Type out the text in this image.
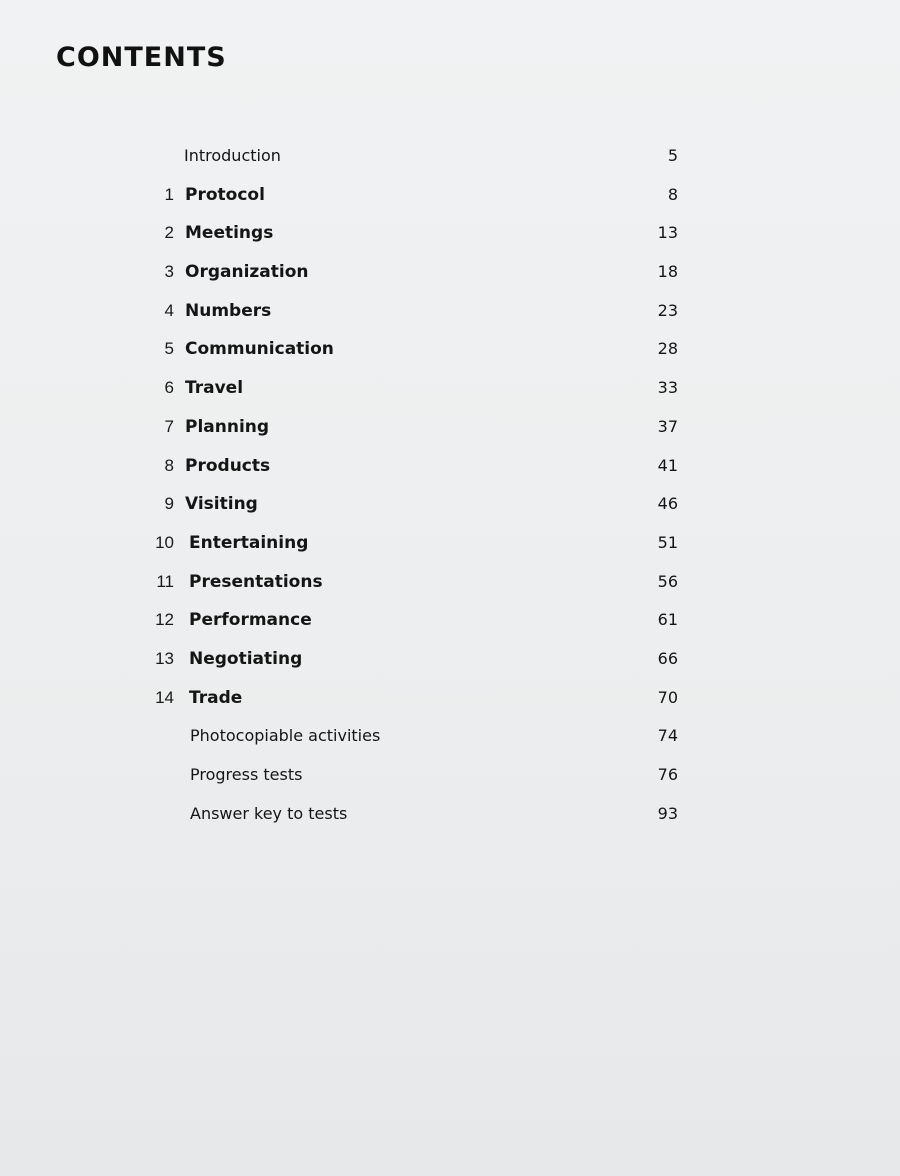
CONTENTS
Introduction	5
1 Protocol	8
2 Meetings	13
3 Organization	18
4 Numbers	23
5 Communication	28
6 Travel	33
7 Planning	37
8 Products	41
9 Visiting	46
10 Entertaining	51
11 Presentations	56
12 Performance	61
13 Negotiating	66
14 Trade	70
Photocopiable activities	74
Progress tests	76
Answer key to tests	93
